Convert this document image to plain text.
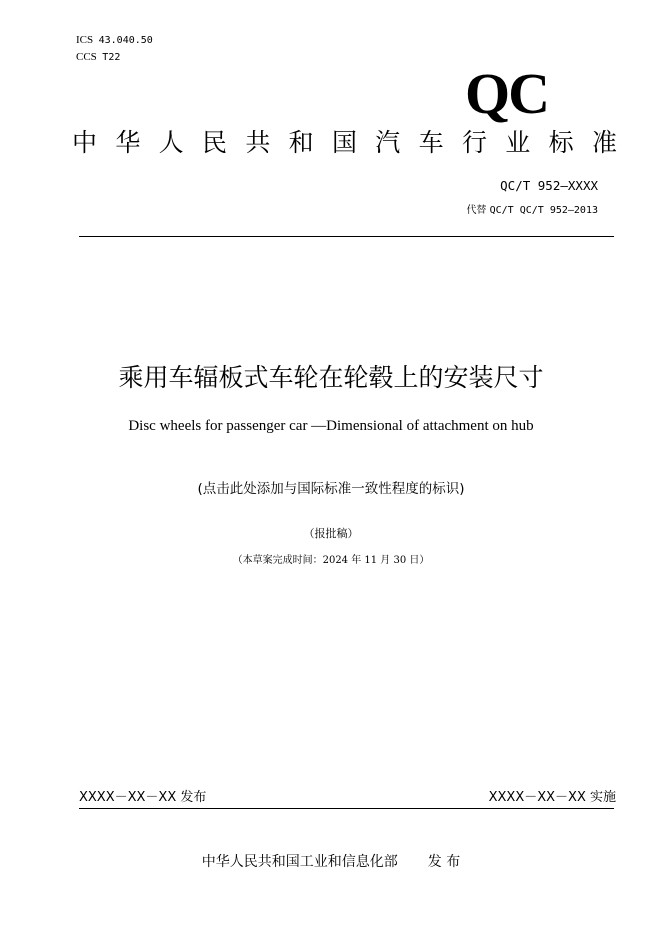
ICS 43.040.50
CCS T22
QC
中 华 人 民 共 和 国 汽 车 行 业 标 准
QC/T 952—XXXX
代替 QC/T QC/T 952—2013
乘用车辐板式车轮在轮毂上的安装尺寸
Disc wheels for passenger car —Dimensional of attachment on hub
(点击此处添加与国际标准一致性程度的标识)
（报批稿）
（本草案完成时间：2024 年 11 月 30 日）
XXXX－XX－XX 发布	XXXX－XX－XX 实施
中华人民共和国工业和信息化部 发 布
